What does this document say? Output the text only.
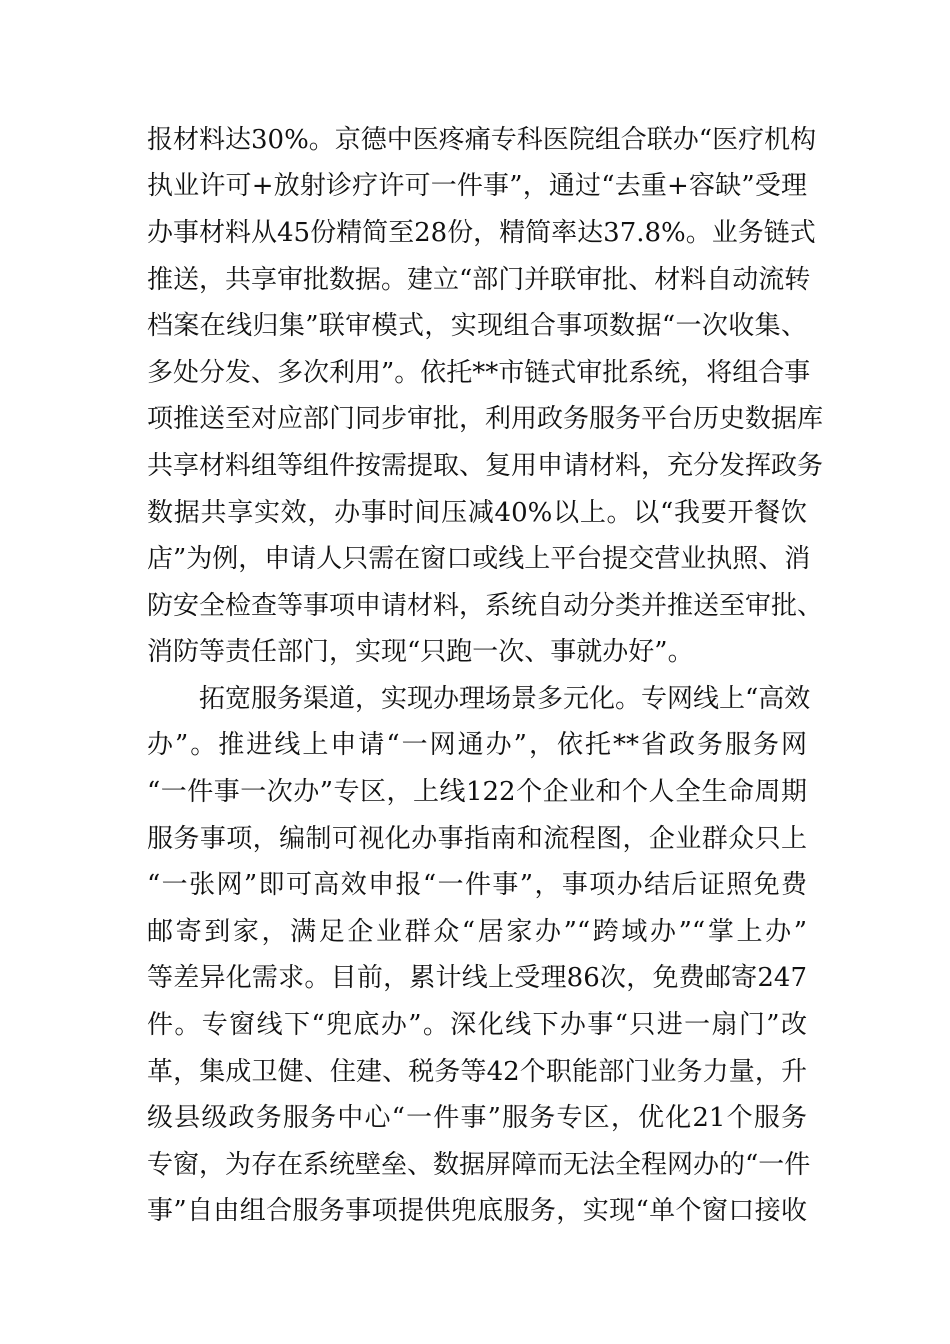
报材料达30%。京德中医疼痛专科医院组合联办“医疗机构
执业许可+放射诊疗许可一件事”，通过“去重+容缺”受理
办事材料从45份精简至28份，精简率达37.8%。业务链式
推送，共享审批数据。建立“部门并联审批、材料自动流转
档案在线归集”联审模式，实现组合事项数据“一次收集、
多处分发、多次利用”。依托**市链式审批系统，将组合事
项推送至对应部门同步审批，利用政务服务平台历史数据库
共享材料组等组件按需提取、复用申请材料，充分发挥政务
数据共享实效，办事时间压减40%以上。以“我要开餐饮
店”为例，申请人只需在窗口或线上平台提交营业执照、消
防安全检查等事项申请材料，系统自动分类并推送至审批、
消防等责任部门，实现“只跑一次、事就办好”。
拓宽服务渠道，实现办理场景多元化。专网线上“高效
办”。推进线上申请“一网通办”，依托**省政务服务网
“一件事一次办”专区，上线122个企业和个人全生命周期
服务事项，编制可视化办事指南和流程图，企业群众只上
“一张网”即可高效申报“一件事”，事项办结后证照免费
邮寄到家，满足企业群众“居家办”“跨域办”“掌上办”
等差异化需求。目前，累计线上受理86次，免费邮寄247
件。专窗线下“兜底办”。深化线下办事“只进一扇门”改
革，集成卫健、住建、税务等42个职能部门业务力量，升
级县级政务服务中心“一件事”服务专区，优化21个服务
专窗，为存在系统壁垒、数据屏障而无法全程网办的“一件
事”自由组合服务事项提供兜底服务，实现“单个窗口接收
